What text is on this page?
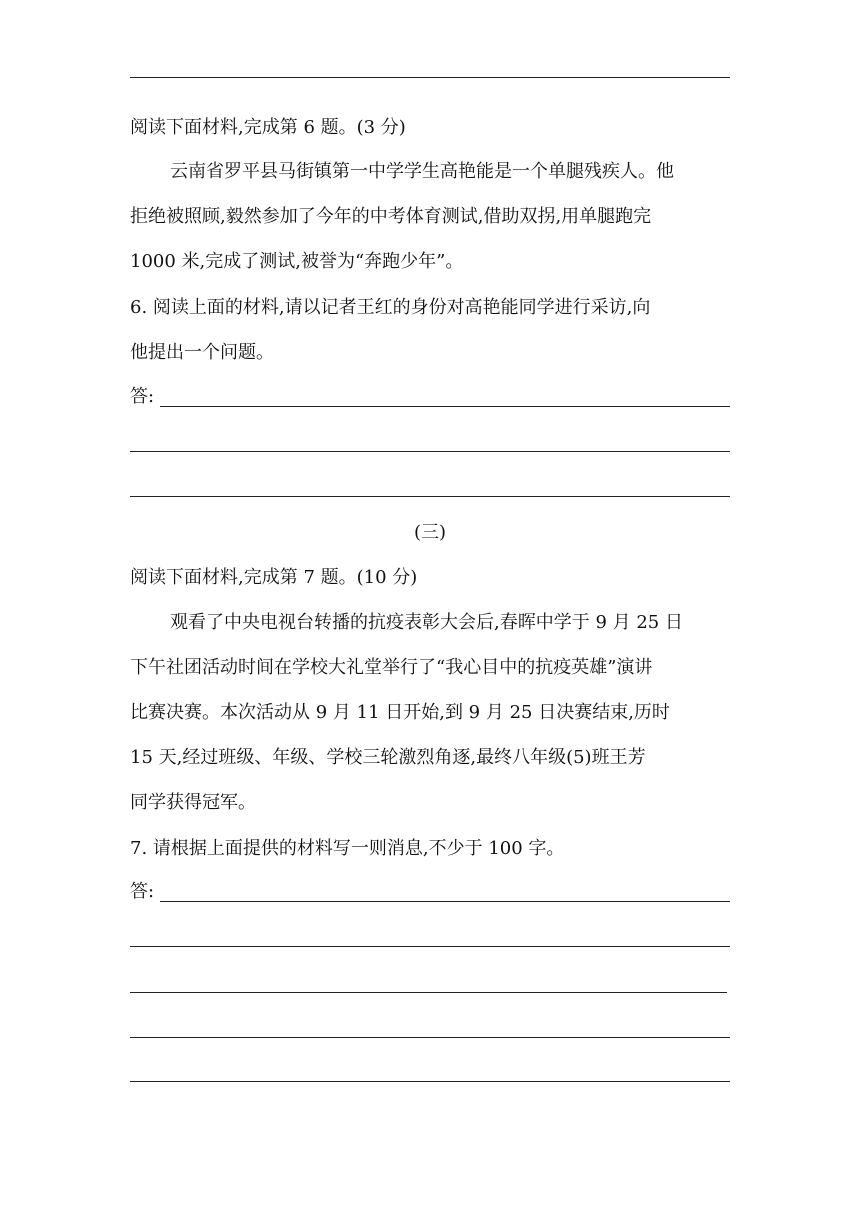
阅读下面材料,完成第 6 题。(3 分)
云南省罗平县马街镇第一中学学生高艳能是一个单腿残疾人。他
拒绝被照顾,毅然参加了今年的中考体育测试,借助双拐,用单腿跑完
1000 米,完成了测试,被誉为“奔跑少年”。
6. 阅读上面的材料,请以记者王红的身份对高艳能同学进行采访,向
他提出一个问题。
答:
(三)
阅读下面材料,完成第 7 题。(10 分)
观看了中央电视台转播的抗疫表彰大会后,春晖中学于 9 月 25 日
下午社团活动时间在学校大礼堂举行了“我心目中的抗疫英雄”演讲
比赛决赛。本次活动从 9 月 11 日开始,到 9 月 25 日决赛结束,历时
15 天,经过班级、年级、学校三轮激烈角逐,最终八年级(5)班王芳
同学获得冠军。
7. 请根据上面提供的材料写一则消息,不少于 100 字。
答:
